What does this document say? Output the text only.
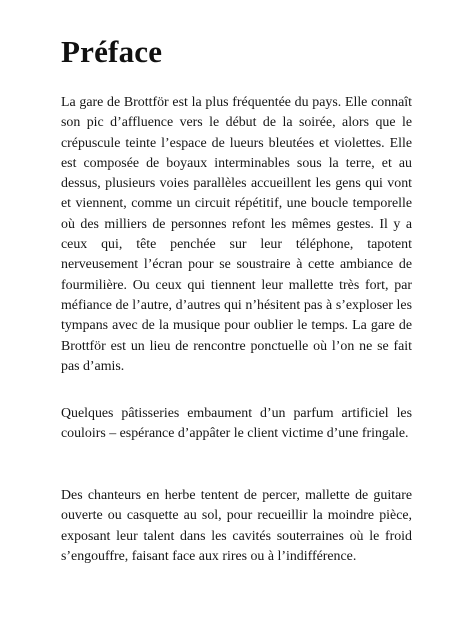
Préface

La gare de Brottför est la plus fréquentée du pays. Elle connaît son pic d’affluence vers le début de la soirée, alors que le crépuscule teinte l’espace de lueurs bleutées et violettes. Elle est composée de boyaux interminables sous la terre, et au dessus, plusieurs voies parallèles accueillent les gens qui vont et viennent, comme un circuit répétitif, une boucle temporelle où des milliers de personnes refont les mêmes gestes. Il y a ceux qui, tête penchée sur leur téléphone, tapotent nerveusement l’écran pour se soustraire à cette ambiance de fourmilière. Ou ceux qui tiennent leur mallette très fort, par méfiance de l’autre, d’autres qui n’hésitent pas à s’exploser les tympans avec de la musique pour oublier le temps. La gare de Brottför est un lieu de rencontre ponctuelle où l’on ne se fait pas d’amis.

Quelques pâtisseries embaument d’un parfum artificiel les couloirs – espérance d’appâter le client victime d’une fringale.

Des chanteurs en herbe tentent de percer, mallette de guitare ouverte ou casquette au sol, pour recueillir la moindre pièce, exposant leur talent dans les cavités souterraines où le froid s’engouffre, faisant face aux rires ou à l’indifférence.
